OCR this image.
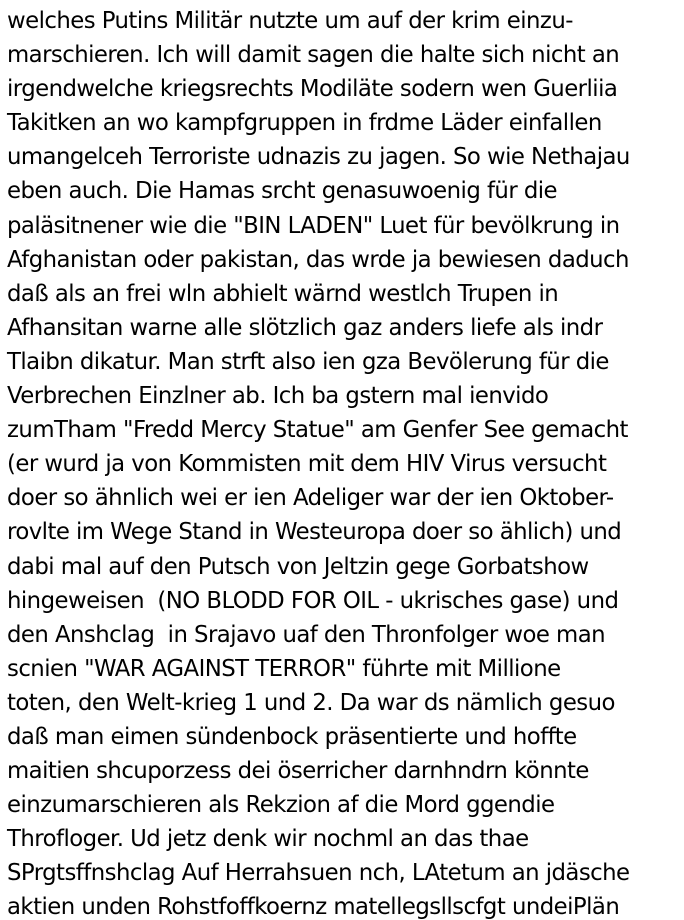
welches Putins Militär nutzte um auf der krim einzu-

marschieren. Ich will damit sagen die halte sich nicht an

irgendwelche kriegsrechts Modiläte sodern wen Guerliia

Takitken an wo kampfgruppen in frdme Läder einfallen

umangelceh Terroriste udnazis zu jagen. So wie Nethajau

eben auch. Die Hamas srcht genasuwoenig für die

paläsitnener wie die "BIN LADEN" Luet für bevölkrung in

Afghanistan oder pakistan, das wrde ja bewiesen daduch

daß als an frei wln abhielt wärnd westlch Trupen in

Afhansitan warne alle slötzlich gaz anders liefe als indr

Tlaibn dikatur. Man strft also ien gza Bevölerung für die

Verbrechen Einzlner ab. Ich ba gstern mal ienvido

zumTham "Fredd Mercy Statue" am Genfer See gemacht

(er wurd ja von Kommisten mit dem HIV Virus versucht

doer so ähnlich wei er ien Adeliger war der ien Oktober-

rovlte im Wege Stand in Westeuropa doer so ählich) und

dabi mal auf den Putsch von Jeltzin gege Gorbatshow

hingeweisen  (NO BLODD FOR OIL - ukrisches gase) und

den Anshclag  in Srajavo uaf den Thronfolger woe man

scnien "WAR AGAINST TERROR" führte mit Millione

toten, den Welt-krieg 1 und 2. Da war ds nämlich gesuo

daß man eimen sündenbock präsentierte und hoffte

maitien shcuporzess dei öserricher darnhndrn könnte

einzumarschieren als Rekzion af die Mord ggendie

Throfloger. Ud jetz denk wir nochml an das thae

SPrgtsffnshclag Auf Herrahsuen nch, LAtetum an jdäsche

aktien unden Rohstfoffkoernz matellegsllscfgt undeiPlän
